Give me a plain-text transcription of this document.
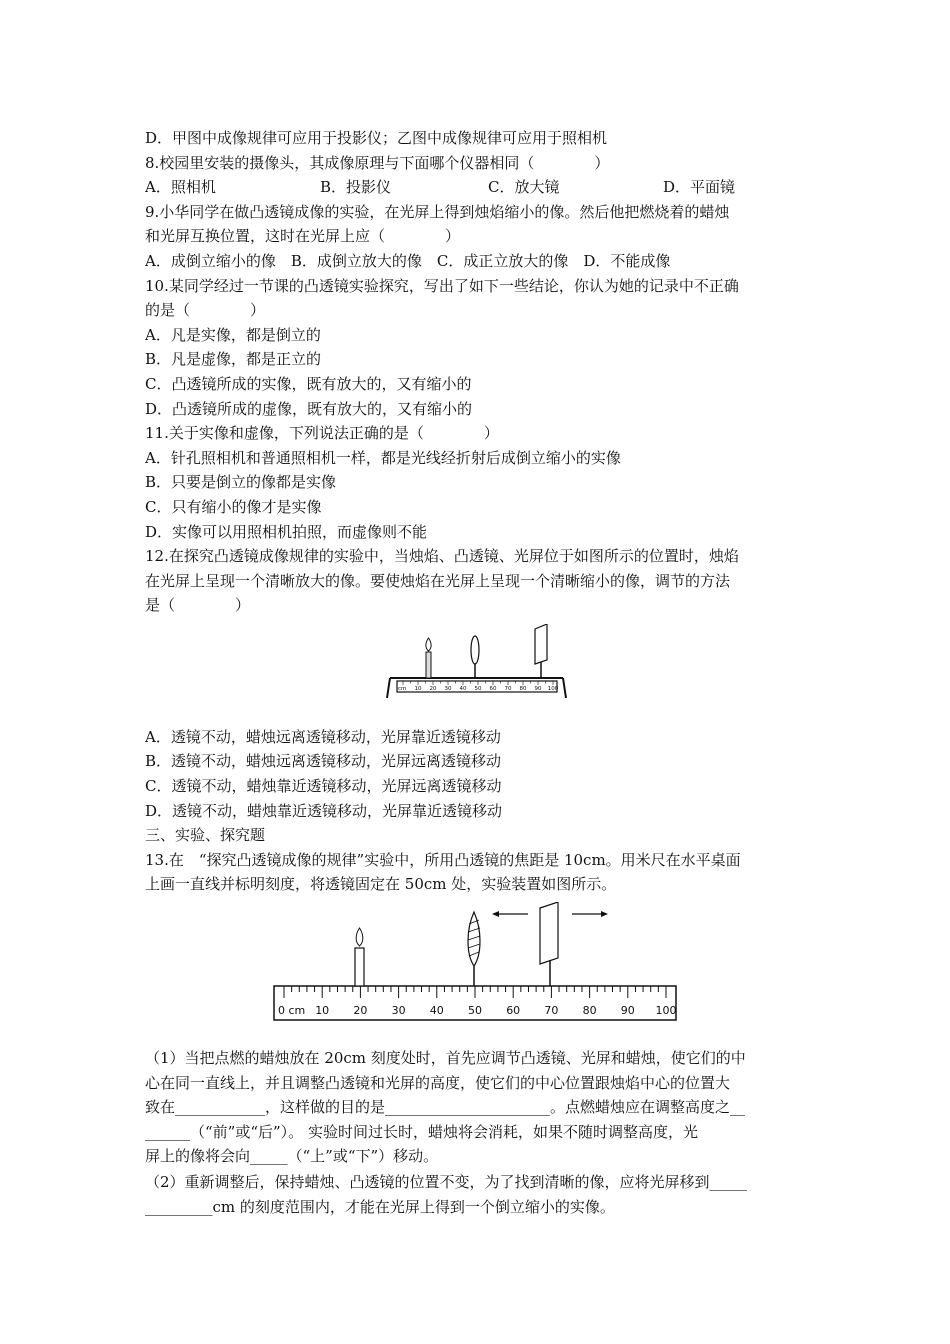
D．甲图中成像规律可应用于投影仪；乙图中成像规律可应用于照相机
8.校园里安装的摄像头，其成像原理与下面哪个仪器相同（　　　　）
A．照相机	B．投影仪	C．放大镜	D．平面镜
9.小华同学在做凸透镜成像的实验，在光屏上得到烛焰缩小的像。然后他把燃烧着的蜡烛
和光屏互换位置，这时在光屏上应（　　　　）
A．成倒立缩小的像　B．成倒立放大的像　C．成正立放大的像　D．不能成像
10.某同学经过一节课的凸透镜实验探究，写出了如下一些结论，你认为她的记录中不正确
的是（　　　　）
A．凡是实像，都是倒立的
B．凡是虚像，都是正立的
C．凸透镜所成的实像，既有放大的，又有缩小的
D．凸透镜所成的虚像，既有放大的，又有缩小的
11.关于实像和虚像，下列说法正确的是（　　　　）
A．针孔照相机和普通照相机一样，都是光线经折射后成倒立缩小的实像
B．只要是倒立的像都是实像
C．只有缩小的像才是实像
D．实像可以用照相机拍照，而虚像则不能
12.在探究凸透镜成像规律的实验中，当烛焰、凸透镜、光屏位于如图所示的位置时，烛焰
在光屏上呈现一个清晰放大的像。要使烛焰在光屏上呈现一个清晰缩小的像，调节的方法
是（　　　　）
A．透镜不动，蜡烛远离透镜移动，光屏靠近透镜移动
B．透镜不动，蜡烛远离透镜移动，光屏远离透镜移动
C．透镜不动，蜡烛靠近透镜移动，光屏远离透镜移动
D．透镜不动，蜡烛靠近透镜移动，光屏靠近透镜移动
三、实验、探究题
13.在　“探究凸透镜成像的规律”实验中，所用凸透镜的焦距是 10cm。用米尺在水平桌面
上画一直线并标明刻度，将透镜固定在 50cm 处，实验装置如图所示。
cm 10 20 30 40 50 60 70 80 90 100
0 cm 10 20 30 40 50 60 70 80 90 100
（1）当把点燃的蜡烛放在 20cm 刻度处时，首先应调节凸透镜、光屏和蜡烛，使它们的中
心在同一直线上，并且调整凸透镜和光屏的高度，使它们的中心位置跟烛焰中心的位置大
致在____________，这样做的目的是______________________。点燃蜡烛应在调整高度之__
______（“前”或“后”）。 实验时间过长时，蜡烛将会消耗，如果不随时调整高度，光
屏上的像将会向_____（“上”或“下”）移动。
（2）重新调整后，保持蜡烛、凸透镜的位置不变，为了找到清晰的像，应将光屏移到_____
_________cm 的刻度范围内，才能在光屏上得到一个倒立缩小的实像。
